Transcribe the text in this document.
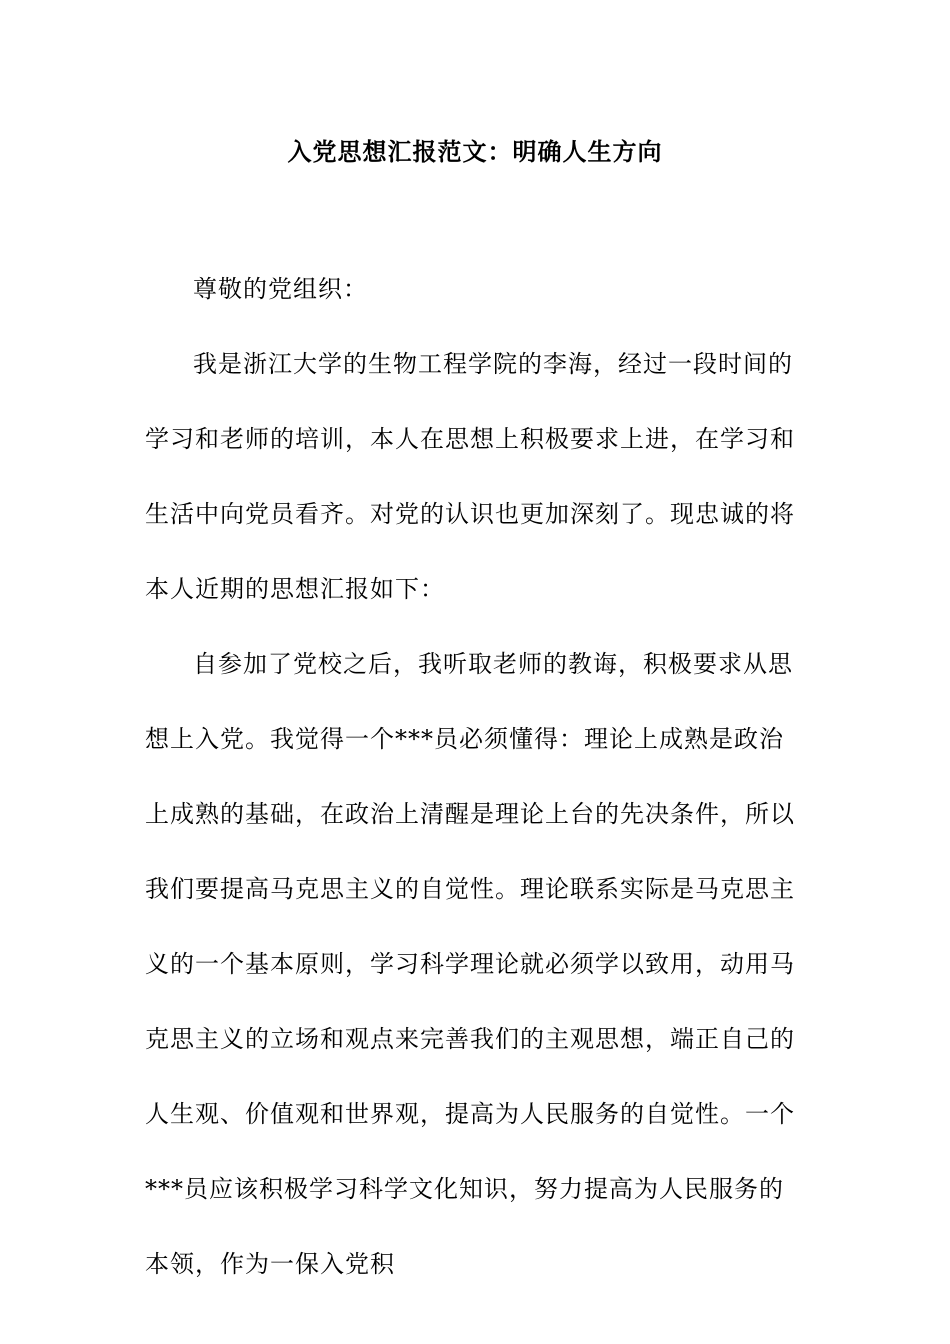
入党思想汇报范文：明确人生方向

尊敬的党组织：

我是浙江大学的生物工程学院的李海，经过一段时间的学习和老师的培训，本人在思想上积极要求上进，在学习和生活中向党员看齐。对党的认识也更加深刻了。现忠诚的将本人近期的思想汇报如下：

自参加了党校之后，我听取老师的教诲，积极要求从思想上入党。我觉得一个***员必须懂得：理论上成熟是政治上成熟的基础，在政治上清醒是理论上台的先决条件，所以我们要提高马克思主义的自觉性。理论联系实际是马克思主义的一个基本原则，学习科学理论就必须学以致用，动用马克思主义的立场和观点来完善我们的主观思想，端正自己的人生观、价值观和世界观，提高为人民服务的自觉性。一个***员应该积极学习科学文化知识，努力提高为人民服务的本领，作为一保入党积
